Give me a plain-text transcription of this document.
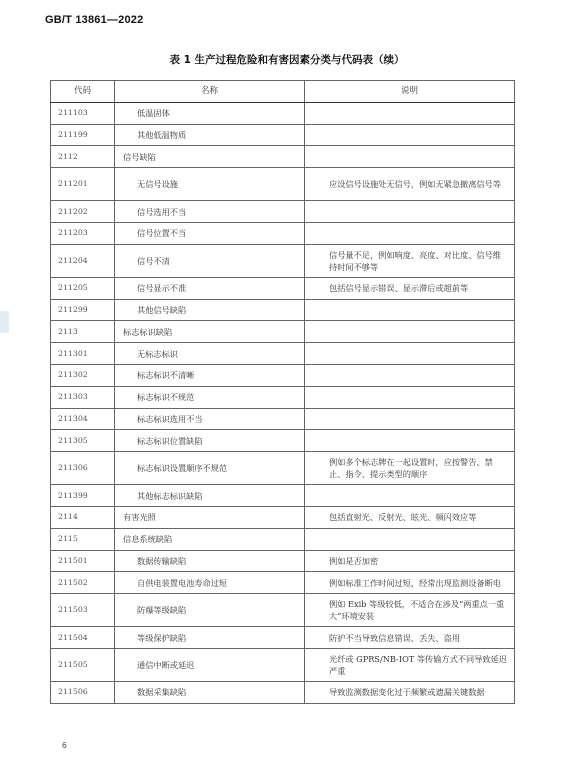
GB/T 13861—2022
表 1 生产过程危险和有害因素分类与代码表（续）
代码	名称	说明
211103	低温固体	
211199	其他低温物质	
2112	信号缺陷	
211201	无信号设施	应设信号设施处无信号，例如无紧急撤离信号等
211202	信号选用不当	
211203	信号位置不当	
211204	信号不清	信号量不足，例如响度、亮度、对比度、信号维持时间不够等
211205	信号显示不准	包括信号显示错误、显示滞后或超前等
211299	其他信号缺陷	
2113	标志标识缺陷	
211301	无标志标识	
211302	标志标识不清晰	
211303	标志标识不规范	
211304	标志标识选用不当	
211305	标志标识位置缺陷	
211306	标志标识设置顺序不规范	例如多个标志牌在一起设置时，应按警告、禁止、指令、提示类型的顺序
211399	其他标志标识缺陷	
2114	有害光照	包括直射光、反射光、眩光、频闪效应等
2115	信息系统缺陷	
211501	数据传输缺陷	例如是否加密
211502	自供电装置电池寿命过短	例如标准工作时间过短，经常出现监测设备断电
211503	防爆等级缺陷	例如 Exib 等级较低，不适合在涉及“两重点一重大”环境安装
211504	等级保护缺陷	防护不当导致信息错误、丢失、盗用
211505	通信中断或延迟	光纤或 GPRS/NB-IOT 等传输方式不同导致延迟严重
211506	数据采集缺陷	导致监测数据变化过于频繁或遗漏关键数据
6
